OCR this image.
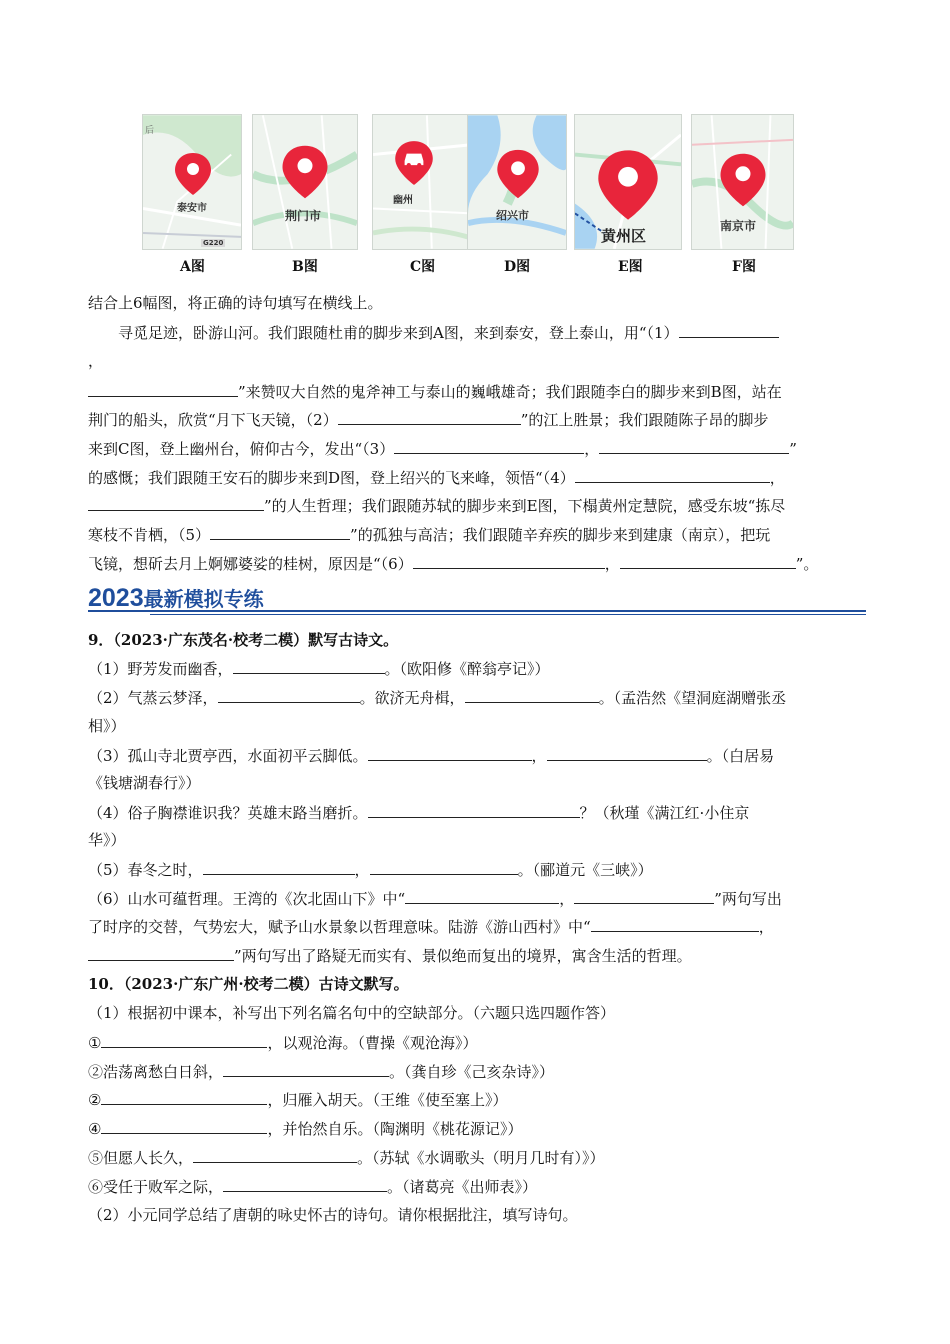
后
泰安市
G220
A图
荆门市
B图
幽州
C图
绍兴市
D图
黄州区
E图
南京市
F图
结合上6幅图，将正确的诗句填写在横线上。
寻觅足迹，卧游山河。我们跟随杜甫的脚步来到A图，来到泰安，登上泰山，用“（1）
，
”来赞叹大自然的鬼斧神工与泰山的巍峨雄奇；我们跟随李白的脚步来到B图，站在
荆门的船头，欣赏“月下飞天镜，（2）	”的江上胜景；我们跟随陈子昂的脚步
来到C图，登上幽州台，俯仰古今，发出“（3）	，	”
的感慨；我们跟随王安石的脚步来到D图，登上绍兴的飞来峰，领悟“（4）	，
”的人生哲理；我们跟随苏轼的脚步来到E图，下榻黄州定慧院，感受东坡“拣尽
寒枝不肯栖，（5）	”的孤独与高洁；我们跟随辛弃疾的脚步来到建康（南京），把玩
飞镜，想斫去月上婀娜婆娑的桂树，原因是“（6）	，	”。
2023最新模拟专练
9．（2023·广东茂名·校考二模）默写古诗文。
（1）野芳发而幽香，	。（欧阳修《醉翁亭记》）
（2）气蒸云梦泽，	。欲济无舟楫，	。（孟浩然《望洞庭湖赠张丞
相》）
（3）孤山寺北贾亭西，水面初平云脚低。	，	。（白居易
《钱塘湖春行》）
（4）俗子胸襟谁识我？英雄末路当磨折。	？（秋瑾《满江红·小住京
华》）
（5）春冬之时，	，	。（郦道元《三峡》）
（6）山水可蕴哲理。王湾的《次北固山下》中“	，	”两句写出
了时序的交替，气势宏大，赋予山水景象以哲理意味。陆游《游山西村》中“	，
”两句写出了路疑无而实有、景似绝而复出的境界，寓含生活的哲理。
10．（2023·广东广州·校考二模）古诗文默写。
（1）根据初中课本，补写出下列名篇名句中的空缺部分。（六题只选四题作答）
①	，以观沧海。（曹操《观沧海》）
②浩荡离愁白日斜，	。（龚自珍《己亥杂诗》）
②	，归雁入胡天。（王维《使至塞上》）
④	，并怡然自乐。（陶渊明《桃花源记》）
⑤但愿人长久，	。（苏轼《水调歌头（明月几时有）》）
⑥受任于败军之际，	。（诸葛亮《出师表》）
（2）小元同学总结了唐朝的咏史怀古的诗句。请你根据批注，填写诗句。
